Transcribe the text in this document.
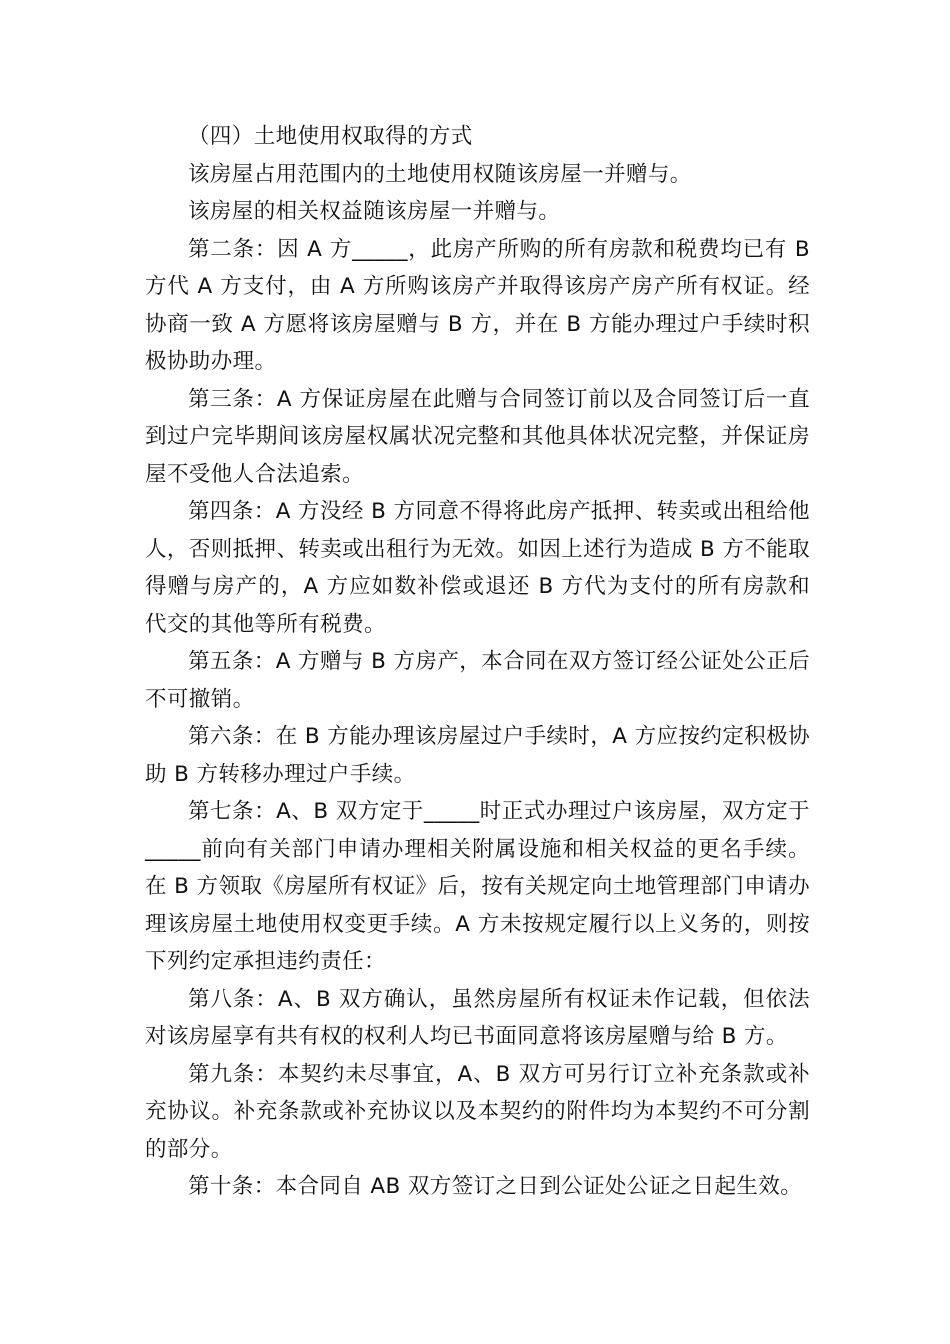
（四）土地使用权取得的方式

该房屋占用范围内的土地使用权随该房屋一并赠与。

该房屋的相关权益随该房屋一并赠与。

第二条：因 A 方_____，此房产所购的所有房款和税费均已有 B 方代 A 方支付，由 A 方所购该房产并取得该房产房产所有权证。经协商一致 A 方愿将该房屋赠与 B 方，并在 B 方能办理过户手续时积极协助办理。

第三条：A 方保证房屋在此赠与合同签订前以及合同签订后一直到过户完毕期间该房屋权属状况完整和其他具体状况完整，并保证房屋不受他人合法追索。

第四条：A 方没经 B 方同意不得将此房产抵押、转卖或出租给他人，否则抵押、转卖或出租行为无效。如因上述行为造成 B 方不能取得赠与房产的，A 方应如数补偿或退还 B 方代为支付的所有房款和代交的其他等所有税费。

第五条：A 方赠与 B 方房产，本合同在双方签订经公证处公正后不可撤销。

第六条：在 B 方能办理该房屋过户手续时，A 方应按约定积极协助 B 方转移办理过户手续。

第七条：A、B 双方定于_____时正式办理过户该房屋，双方定于_____前向有关部门申请办理相关附属设施和相关权益的更名手续。在 B 方领取《房屋所有权证》后，按有关规定向土地管理部门申请办理该房屋土地使用权变更手续。A 方未按规定履行以上义务的，则按下列约定承担违约责任：

第八条：A、B 双方确认，虽然房屋所有权证未作记载，但依法对该房屋享有共有权的权利人均已书面同意将该房屋赠与给 B 方。

第九条：本契约未尽事宜，A、B 双方可另行订立补充条款或补充协议。补充条款或补充协议以及本契约的附件均为本契约不可分割的部分。

第十条：本合同自 AB 双方签订之日到公证处公证之日起生效。
